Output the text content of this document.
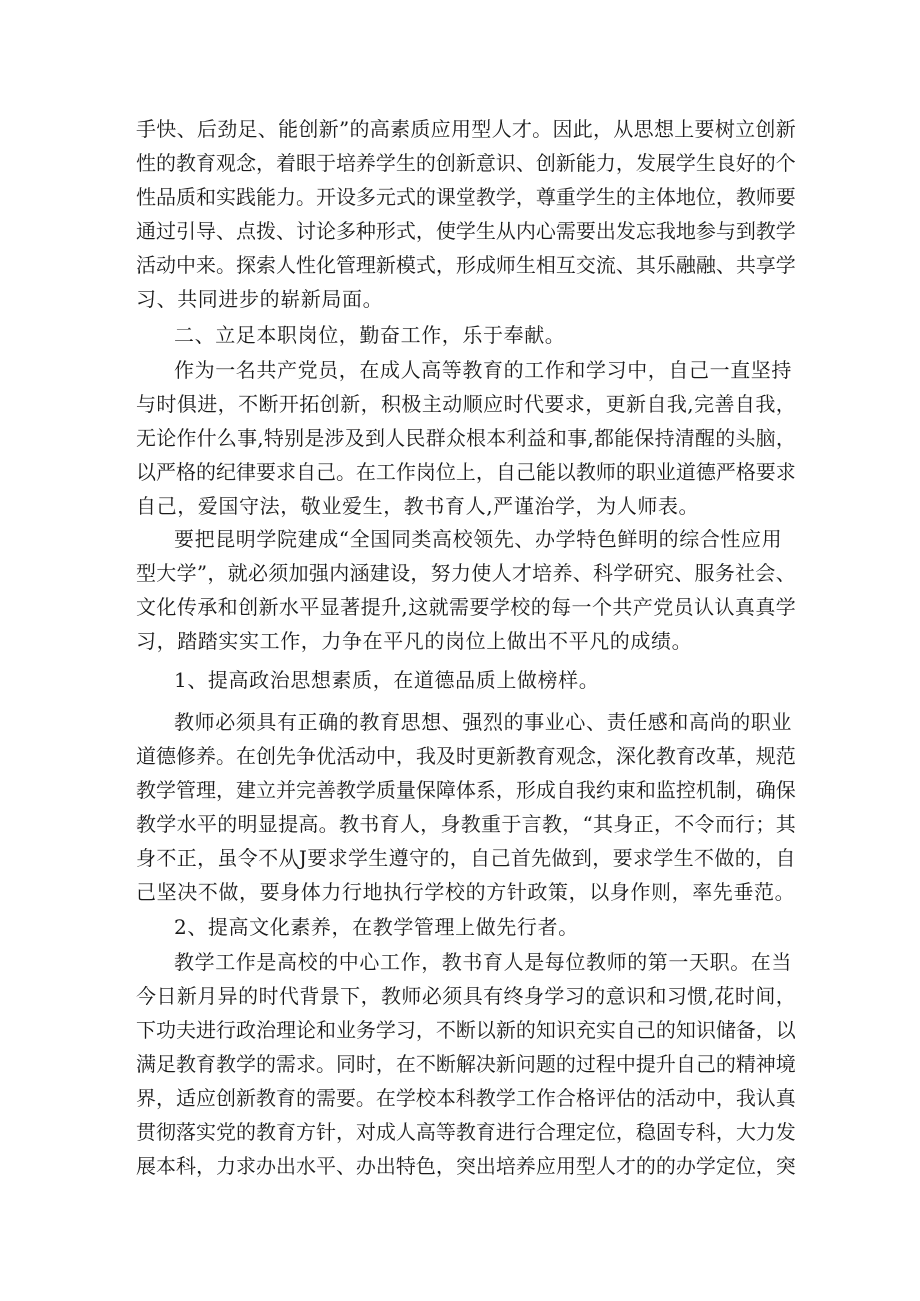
手快、后劲足、能创新”的高素质应用型人才。因此，从思想上要树立创新
性的教育观念，着眼于培养学生的创新意识、创新能力，发展学生良好的个
性品质和实践能力。开设多元式的课堂教学，尊重学生的主体地位，教师要
通过引导、点拨、讨论多种形式，使学生从内心需要出发忘我地参与到教学
活动中来。探索人性化管理新模式，形成师生相互交流、其乐融融、共享学
习、共同进步的崭新局面。
二、立足本职岗位，勤奋工作，乐于奉献。
作为一名共产党员，在成人高等教育的工作和学习中，自己一直坚持
与时俱进，不断开拓创新，积极主动顺应时代要求，更新自我,完善自我，
无论作什么事,特别是涉及到人民群众根本利益和事,都能保持清醒的头脑，
以严格的纪律要求自己。在工作岗位上，自己能以教师的职业道德严格要求
自己，爱国守法，敬业爱生，教书育人,严谨治学，为人师表。
要把昆明学院建成“全国同类高校领先、办学特色鲜明的综合性应用
型大学”，就必须加强内涵建设，努力使人才培养、科学研究、服务社会、
文化传承和创新水平显著提升,这就需要学校的每一个共产党员认认真真学
习，踏踏实实工作，力争在平凡的岗位上做出不平凡的成绩。
1、提高政治思想素质，在道德品质上做榜样。
教师必须具有正确的教育思想、强烈的事业心、责任感和高尚的职业
道德修养。在创先争优活动中，我及时更新教育观念，深化教育改革，规范
教学管理，建立并完善教学质量保障体系，形成自我约束和监控机制，确保
教学水平的明显提高。教书育人，身教重于言教，“其身正，不令而行；其
身不正，虽令不从J要求学生遵守的，自己首先做到，要求学生不做的，自
己坚决不做，要身体力行地执行学校的方针政策，以身作则，率先垂范。
2、提高文化素养，在教学管理上做先行者。
教学工作是高校的中心工作，教书育人是每位教师的第一天职。在当
今日新月异的时代背景下，教师必须具有终身学习的意识和习惯,花时间，
下功夫进行政治理论和业务学习，不断以新的知识充实自己的知识储备，以
满足教育教学的需求。同时，在不断解决新问题的过程中提升自己的精神境
界，适应创新教育的需要。在学校本科教学工作合格评估的活动中，我认真
贯彻落实党的教育方针，对成人高等教育进行合理定位，稳固专科，大力发
展本科，力求办出水平、办出特色，突出培养应用型人才的的办学定位，突
